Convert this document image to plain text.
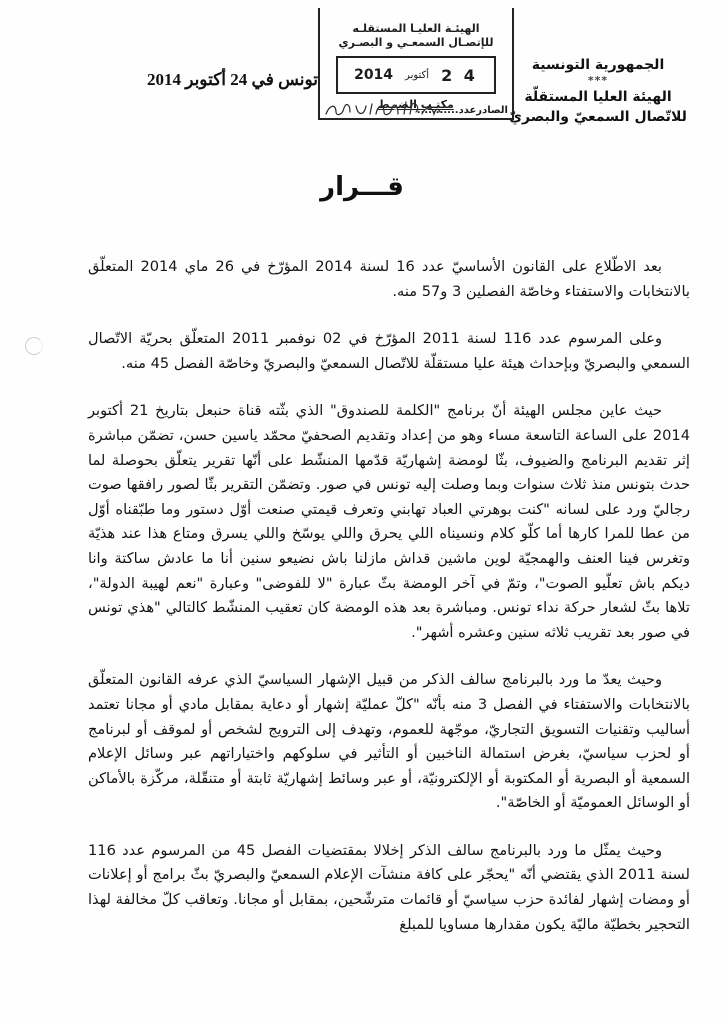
الجمهورية التونسية
***
الهيئة العليا المستقلّة
للاتّصال السمعيّ والبصريّ
الهيئـة العليـا المستقلـه
للإتصـال السمعـي و البصـري
2 4
أكتوبر
2014
مكتـب الضبـط
الصادرعدد...........
تونس في 24 أكتوبر 2014
قـــرار

بعد الاطّلاع على القانون الأساسيّ عدد 16 لسنة 2014 المؤرّخ في 26 ماي 2014 المتعلّق بالانتخابات والاستفتاء وخاصّة الفصلين 3 و57 منه.

وعلى المرسوم عدد 116 لسنة 2011 المؤرّخ في 02 نوفمبر 2011 المتعلّق بحريّة الاتّصال السمعي والبصريّ وبإحداث هيئة عليا مستقلّة للاتّصال السمعيّ والبصريّ وخاصّة الفصل 45 منه.

حيث عاين مجلس الهيئة أنّ برنامج "الكلمة للصندوق" الذي بثّته قناة حنبعل بتاريخ 21 أكتوبر 2014 على الساعة التاسعة مساء وهو من إعداد وتقديم الصحفيّ محمّد ياسين حسن، تضمّن مباشرة إثر تقديم البرنامج والضيوف، بثّا لومضة إشهاريّة قدّمها المنشّط على أنّها تقرير يتعلّق بحوصلة لما حدث بتونس منذ ثلاث سنوات وبما وصلت إليه تونس في صور. وتضمّن التقرير بثّا لصور رافقها صوت رجاليّ ورد على لسانه "كنت بوهرتي العباد تهابني وتعرف قيمتي صنعت أوّل دستور وما طبّقناه أوّل من عطا للمرا كارها أما كلّو كلام ونسيناه اللي يحرق واللي يوسّخ واللي يسرق ومتاع هذا عند هذيّة وتغرس فينا العنف والهمجيّة لوين ماشين قداش مازلنا باش نضيعو سنين أنا ما عادش ساكتة وانا ديكم باش تعلّيو الصوت"، وتمّ في آخر الومضة بثّ عبارة "لا للفوضى" وعبارة "نعم لهيبة الدولة"، تلاها بثّ لشعار حركة نداء تونس. ومباشرة بعد هذه الومضة كان تعقيب المنشّط كالتالي "هذي تونس في صور بعد تقريب ثلاثه سنين وعشره أشهر".

وحيث يعدّ ما ورد بالبرنامج سالف الذكر من قبيل الإشهار السياسيّ الذي عرفه القانون المتعلّق بالانتخابات والاستفتاء في الفصل 3 منه بأنّه "كلّ عمليّة إشهار أو دعاية بمقابل مادي أو مجانا تعتمد أساليب وتقنيات التسويق التجاريّ، موجّهة للعموم، وتهدف إلى الترويج لشخص أو لموقف أو لبرنامج أو لحزب سياسيّ، بغرض استمالة الناخبين أو التأثير في سلوكهم واختياراتهم عبر وسائل الإعلام السمعية أو البصرية أو المكتوبة أو الإلكترونيّة، أو عبر وسائط إشهاريّة ثابتة أو متنقّلة، مركّزة بالأماكن أو الوسائل العموميّة أو الخاصّة".

وحيث يمثّل ما ورد بالبرنامج سالف الذكر إخلالا بمقتضيات الفصل 45 من المرسوم عدد 116 لسنة 2011 الذي يقتضي أنّه "يحجّر على كافة منشآت الإعلام السمعيّ والبصريّ بثّ برامج أو إعلانات أو ومضات إشهار لفائدة حزب سياسيّ أو قائمات مترشّحين، بمقابل أو مجانا. وتعاقب كلّ مخالفة لهذا التحجير بخطيّة ماليّة يكون مقدارها مساويا للمبلغ
